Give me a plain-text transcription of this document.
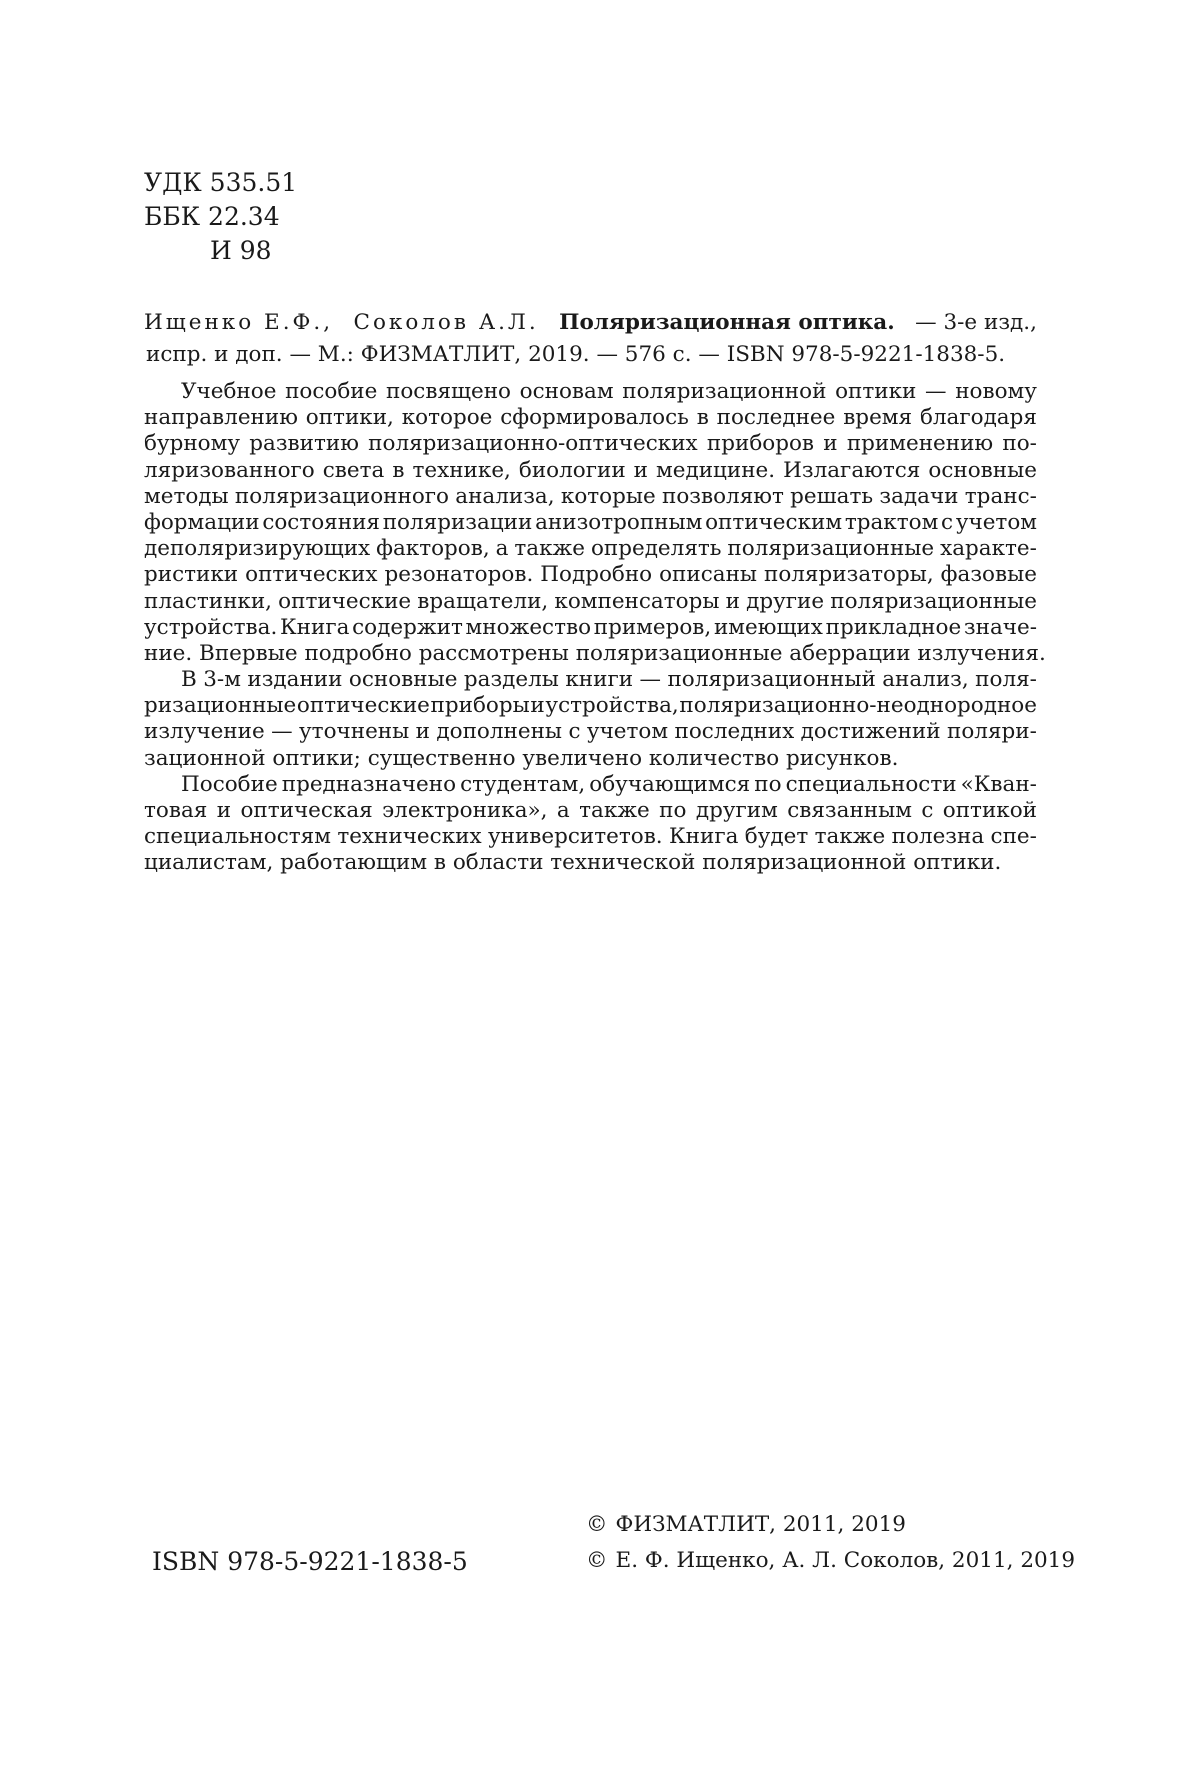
УДК 535.51
ББК 22.34
И 98
Ищенко Е.Ф., Соколов А.Л. Поляризационная оптика. — 3-е изд.,
испр. и доп. — М.: ФИЗМАТЛИТ, 2019. — 576 с. — ISBN 978-5-9221-1838-5.
Учебное пособие посвящено основам поляризационной оптики — новому
направлению оптики, которое сформировалось в последнее время благодаря
бурному развитию поляризационно-оптических приборов и применению по-
ляризованного света в технике, биологии и медицине. Излагаются основные
методы поляризационного анализа, которые позволяют решать задачи транс-
формации состояния поляризации анизотропным оптическим трактом с учетом
деполяризирующих факторов, а также определять поляризационные характе-
ристики оптических резонаторов. Подробно описаны поляризаторы, фазовые
пластинки, оптические вращатели, компенсаторы и другие поляризационные
устройства. Книга содержит множество примеров, имеющих прикладное значе-
ние. Впервые подробно рассмотрены поляризационные аберрации излучения.
В 3-м издании основные разделы книги — поляризационный анализ, поля-
ризационные оптические приборы и устройства, поляризационно-неоднородное
излучение — уточнены и дополнены с учетом последних достижений поляри-
зационной оптики; существенно увеличено количество рисунков.
Пособие предназначено студентам, обучающимся по специальности «Кван-
товая и оптическая электроника», а также по другим связанным с оптикой
специальностям технических университетов. Книга будет также полезна спе-
циалистам, работающим в области технической поляризационной оптики.
ISBN 978-5-9221-1838-5
© ФИЗМАТЛИТ, 2011, 2019
© Е. Ф. Ищенко, А. Л. Соколов, 2011, 2019
